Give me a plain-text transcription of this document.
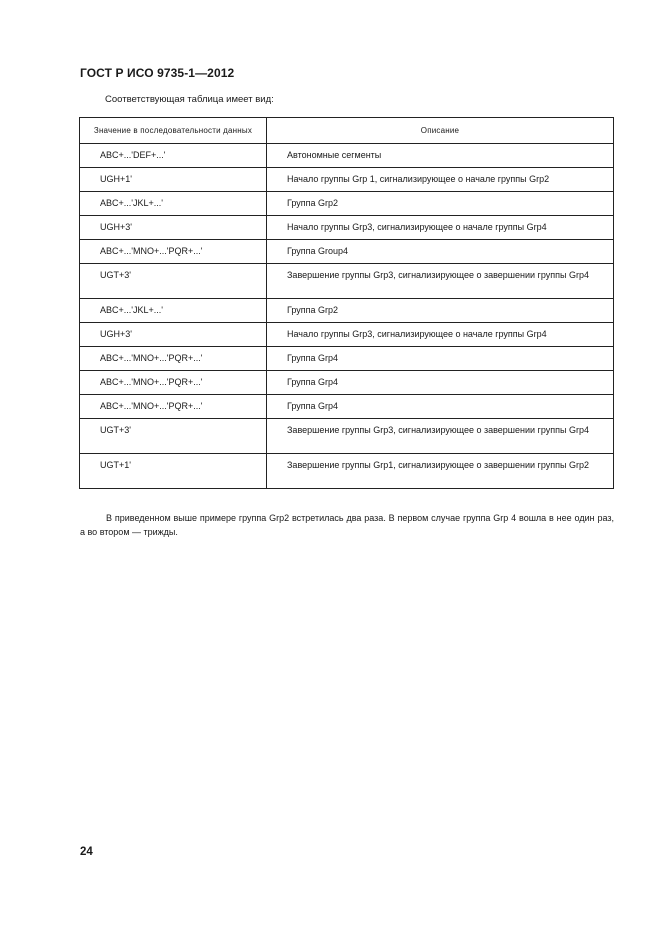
ГОСТ Р ИСО 9735-1—2012
Соответствующая таблица имеет вид:
Значение в последовательности данных	Описание
ABC+...'DEF+...'	Автономные сегменты

UGH+1'	Начало группы Grp 1, сигнализирующее о начале группы Grp2

ABC+...'JKL+...'	Группа Grp2

UGH+3'	Начало группы Grp3, сигнализирующее о начале группы Grp4

ABC+...'MNO+...'PQR+...'	Группа Group4

UGT+3'	Завершение группы Grp3, сигнализирующее о завершении группы Grp4

ABC+...'JKL+...'	Группа Grp2

UGH+3'	Начало группы Grp3, сигнализирующее о начале группы Grp4

ABC+...'MNO+...'PQR+...'	Группа Grp4

ABC+...'MNO+...'PQR+...'	Группа Grp4

ABC+...'MNO+...'PQR+...'	Группа Grp4

UGT+3'	Завершение группы Grp3, сигнализирующее о завершении группы Grp4

UGT+1'	Завершение группы Grp1, сигнализирующее о завершении группы Grp2
В приведенном выше примере группа Grp2 встретилась два раза. В первом случае группа Grp 4 вошла в нее один раз, а во втором — трижды.
24
